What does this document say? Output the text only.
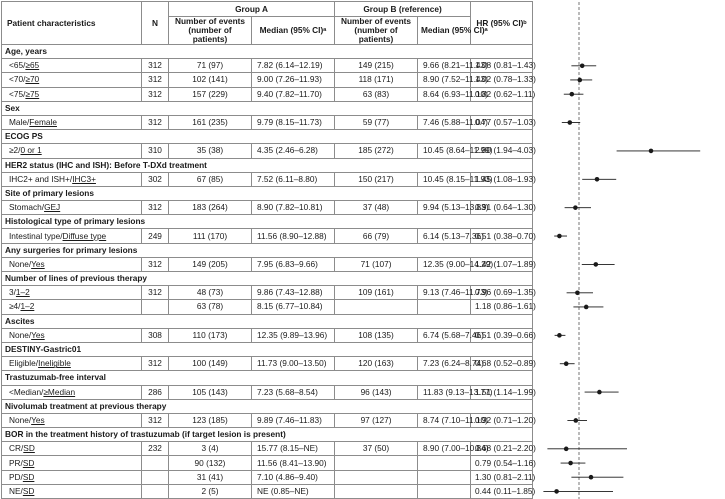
Patient characteristics	N	Group A		Group B (reference)		HR (95% CI)ᵇ
		Number of events (number of patients)	Median (95% CI)ᵃ	Number of events (number of patients)	Median (95% CI)ᵃ	
Age, years						
<65/≥65	312	71 (97)	7.82 (6.14–12.19)	149 (215)	9.66 (8.21–11.43)	1.08 (0.81–1.43)
<70/≥70	312	102 (141)	9.00 (7.26–11.93)	118 (171)	8.90 (7.52–11.43)	1.02 (0.78–1.33)
<75/≥75	312	157 (229)	9.40 (7.82–11.70)	63 (83)	8.64 (6.93–11.10)	0.82 (0.62–1.11)
Sex						
Male/Female	312	161 (235)	9.79 (8.15–11.73)	59 (77)	7.46 (5.88–11.04)	0.77 (0.57–1.03)
ECOG PS						
≥2/0 or 1	310	35 (38)	4.35 (2.46–6.28)	185 (272)	10.45 (8.64–11.99)	2.80 (1.94–4.03)
HER2 status (IHC and ISH): Before T-DXd treatment						
IHC2+ and ISH+/IHC3+	302	67 (85)	7.52 (6.11–8.80)	150 (217)	10.45 (8.15–11.93)	1.45 (1.08–1.93)
Site of primary lesions						
Stomach/GEJ	312	183 (264)	8.90 (7.82–10.81)	37 (48)	9.94 (5.13–13.83)	0.91 (0.64–1.30)
Histological type of primary lesions						
Intestinal type/Diffuse type	249	111 (170)	11.56 (8.90–12.88)	66 (79)	6.14 (5.13–7.36)	0.51 (0.38–0.70)
Any surgeries for primary lesions						
None/Yes	312	149 (205)	7.95 (6.83–9.66)	71 (107)	12.35 (9.00–14.29)	1.42 (1.07–1.89)
Number of lines of previous therapy						
3/1–2	312	48 (73)	9.86 (7.43–12.88)	109 (161)	9.13 (7.46–11.73)	0.96 (0.69–1.35)
≥4/1–2		63 (78)	8.15 (6.77–10.84)			1.18 (0.86–1.61)
Ascites						
None/Yes	308	110 (173)	12.35 (9.89–13.96)	108 (135)	6.74 (5.68–7.46)	0.51 (0.39–0.66)
DESTINY-Gastric01						
Eligible/Ineligible	312	100 (149)	11.73 (9.00–13.50)	120 (163)	7.23 (6.24–8.74)	0.68 (0.52–0.89)
Trastuzumab-free interval						
<Median/≥Median	286	105 (143)	7.23 (5.68–8.54)	96 (143)	11.83 (9.13–13.77)	1.51 (1.14–1.99)
Nivolumab treatment at previous therapy						
None/Yes	312	123 (185)	9.89 (7.46–11.83)	97 (127)	8.74 (7.10–11.10)	0.92 (0.71–1.20)
BOR in the treatment history of trastuzumab (if target lesion is present)						
CR/SD	232	3 (4)	15.77 (8.15–NE)	37 (50)	8.90 (7.00–10.84)	0.68 (0.21–2.20)
PR/SD		90 (132)	11.56 (8.41–13.90)			0.79 (0.54–1.16)
PD/SD		31 (41)	7.10 (4.86–9.40)			1.30 (0.81–2.11)
NE/SD		2 (5)	NE (0.85–NE)			0.44 (0.11–1.85)
